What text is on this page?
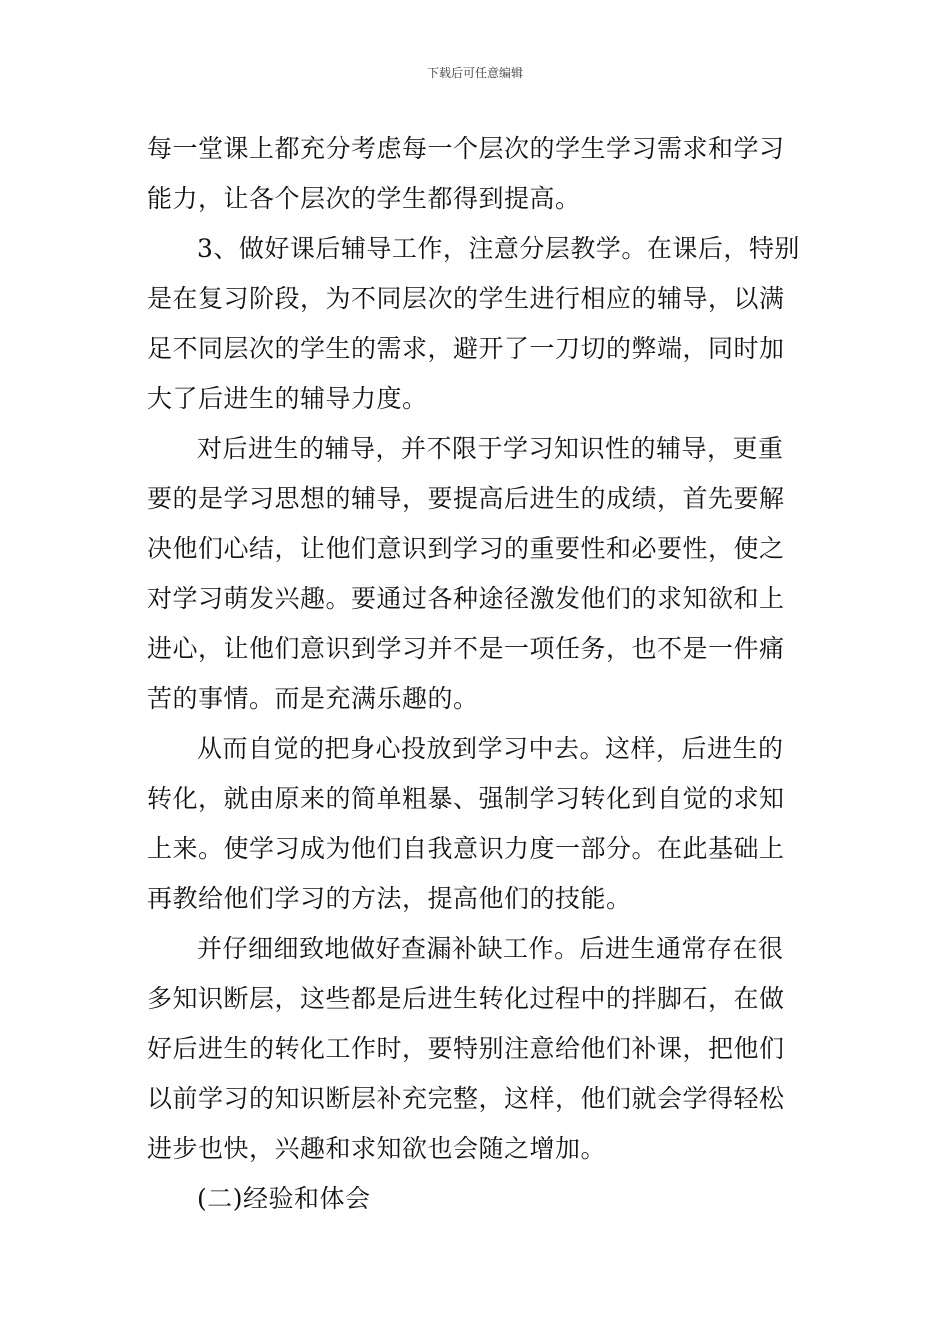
下载后可任意编辑

每一堂课上都充分考虑每一个层次的学生学习需求和学习
能力，让各个层次的学生都得到提高。

3、做好课后辅导工作，注意分层教学。在课后，特别
是在复习阶段，为不同层次的学生进行相应的辅导，以满
足不同层次的学生的需求，避开了一刀切的弊端，同时加
大了后进生的辅导力度。

对后进生的辅导，并不限于学习知识性的辅导，更重
要的是学习思想的辅导，要提高后进生的成绩，首先要解
决他们心结，让他们意识到学习的重要性和必要性，使之
对学习萌发兴趣。要通过各种途径激发他们的求知欲和上
进心，让他们意识到学习并不是一项任务，也不是一件痛
苦的事情。而是充满乐趣的。

从而自觉的把身心投放到学习中去。这样，后进生的
转化，就由原来的简单粗暴、强制学习转化到自觉的求知
上来。使学习成为他们自我意识力度一部分。在此基础上
再教给他们学习的方法，提高他们的技能。

并仔细细致地做好查漏补缺工作。后进生通常存在很
多知识断层，这些都是后进生转化过程中的拌脚石，在做
好后进生的转化工作时，要特别注意给他们补课，把他们
以前学习的知识断层补充完整，这样，他们就会学得轻松
进步也快，兴趣和求知欲也会随之增加。

(二)经验和体会
